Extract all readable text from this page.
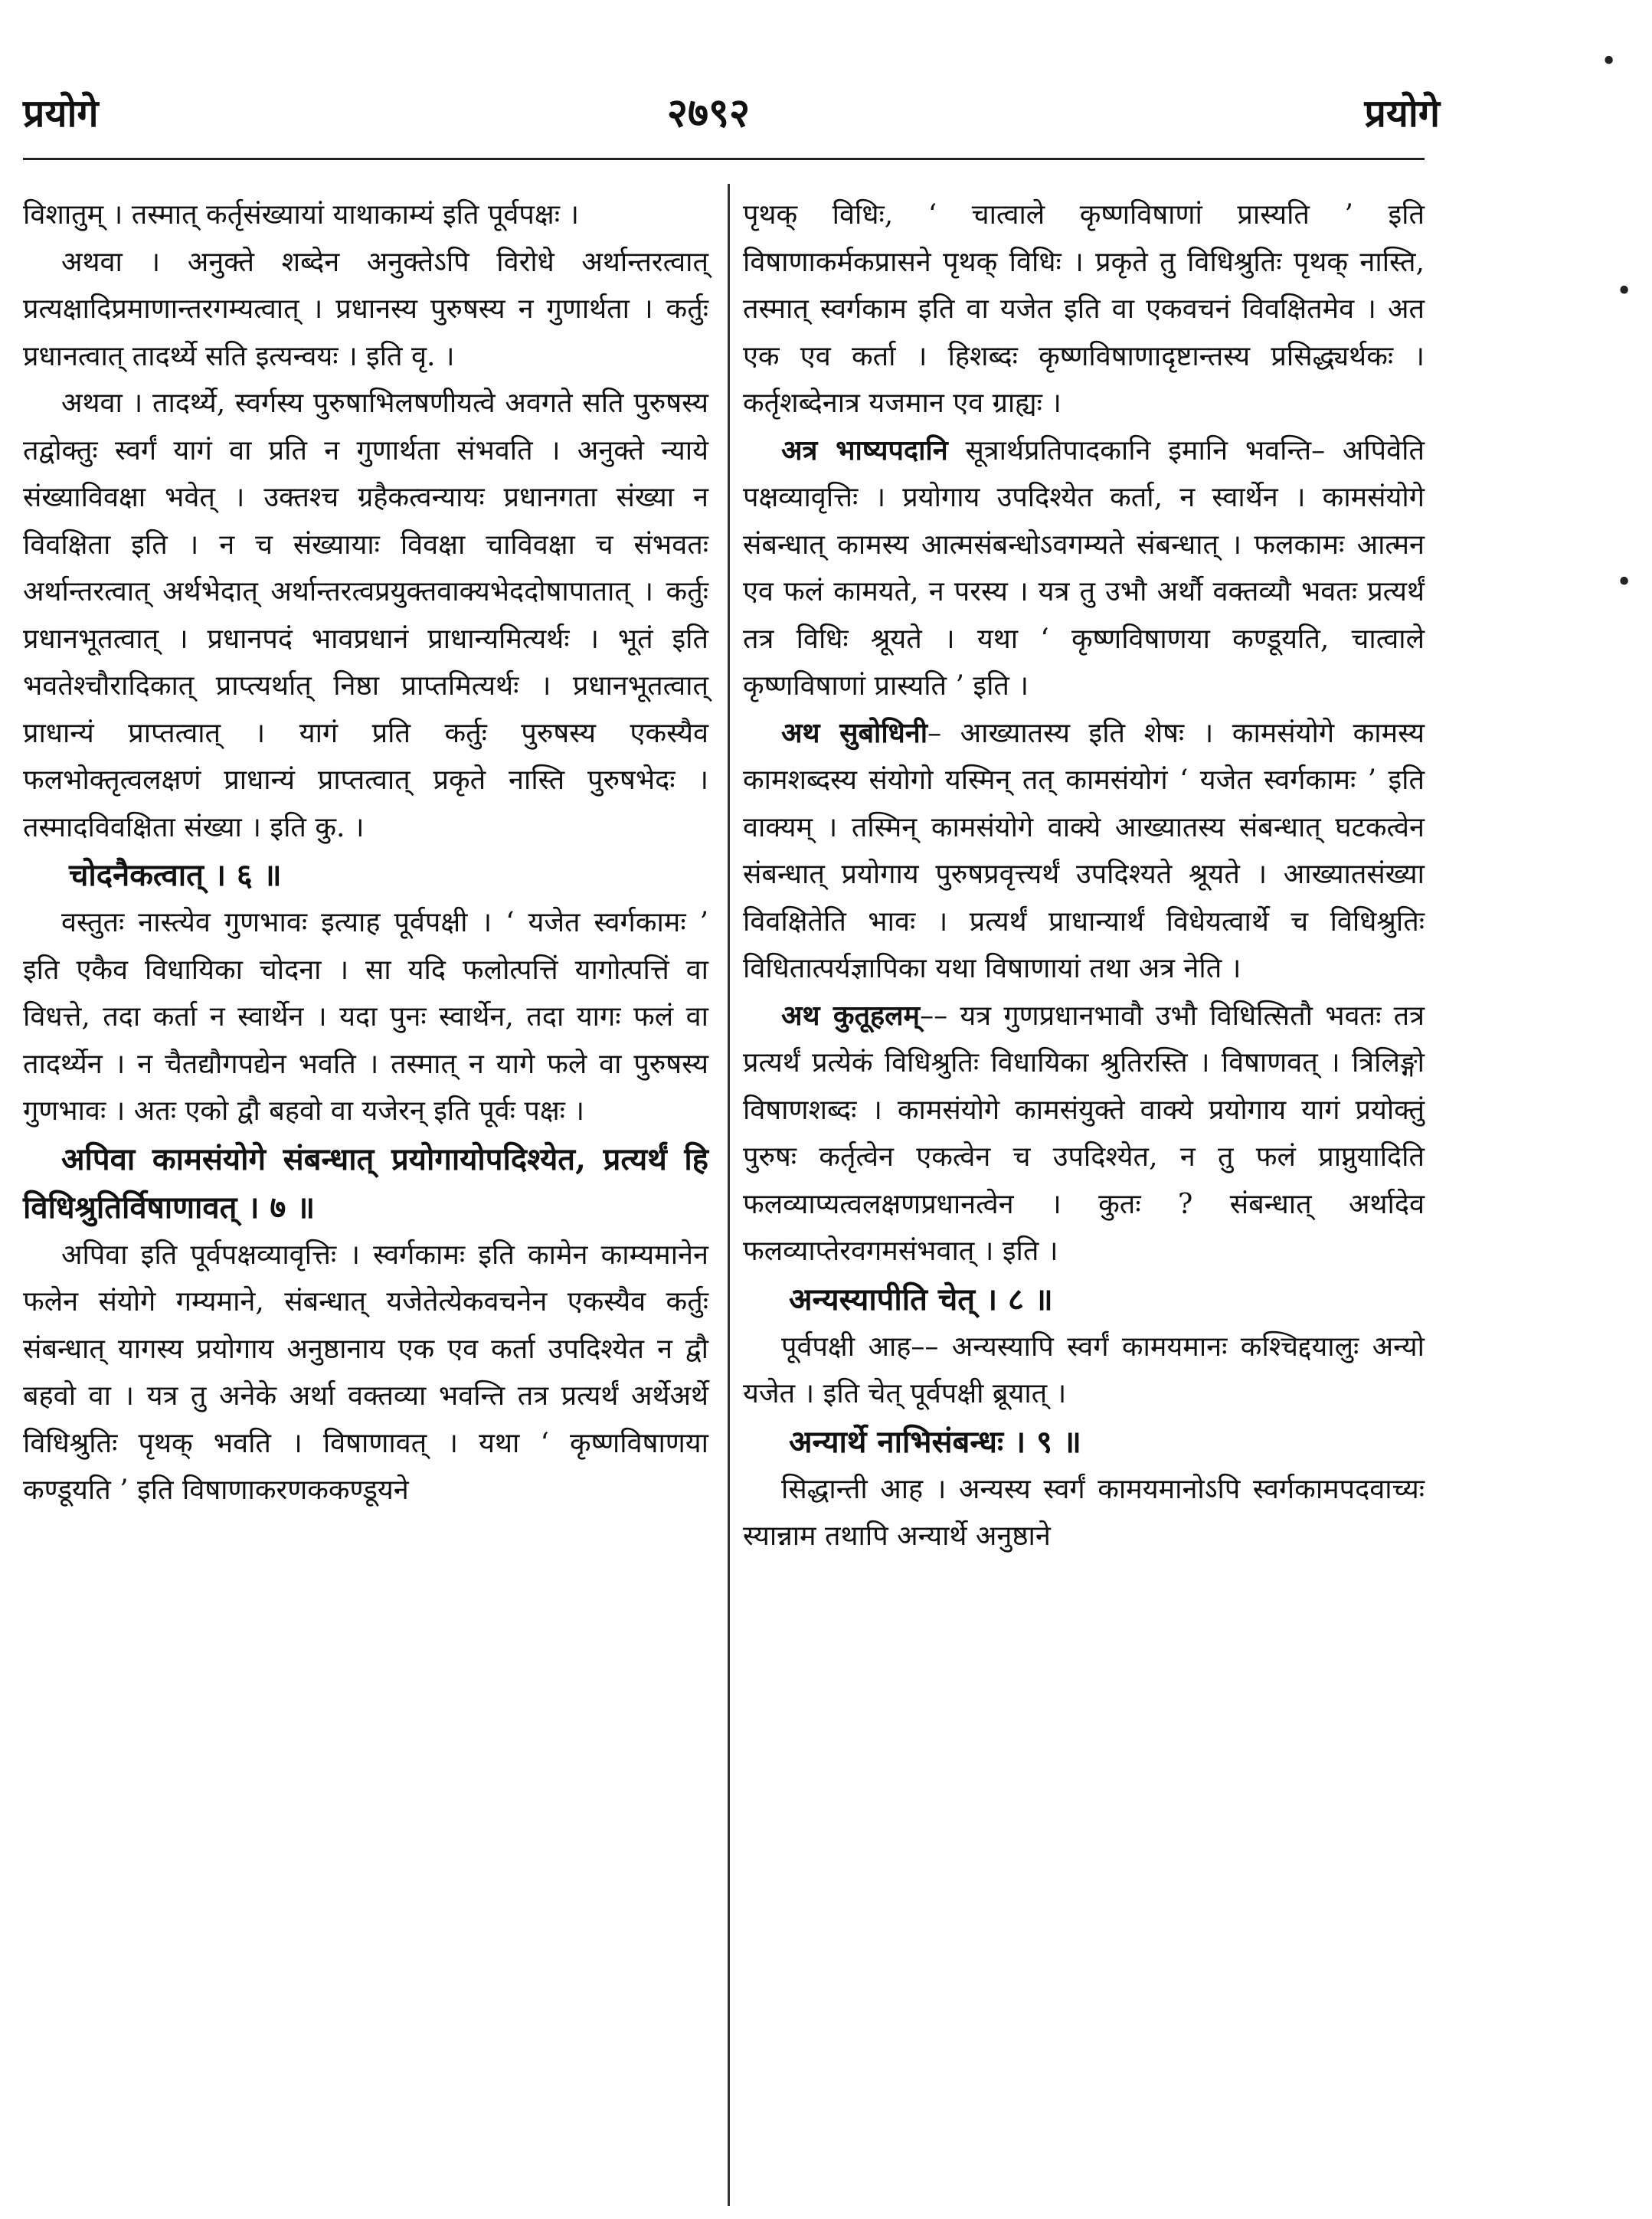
प्रयोगे	२७९२	प्रयोगे

विशातुम् । तस्मात् कर्तृसंख्यायां याथाकाम्यं इति पूर्वपक्षः ।

अथवा । अनुक्ते शब्देन अनुक्तेऽपि विरोधे अर्थान्तरत्वात् प्रत्यक्षादिप्रमाणान्तरगम्यत्वात् । प्रधानस्य पुरुषस्य न गुणार्थता । कर्तुः प्रधानत्वात् तादर्थ्ये सति इत्यन्वयः । इति वृ. ।

अथवा । तादर्थ्ये, स्वर्गस्य पुरुषाभिलषणीयत्वे अवगते सति पुरुषस्य तद्वोक्तुः स्वर्गं यागं वा प्रति न गुणार्थता संभवति । अनुक्ते न्याये संख्याविवक्षा भवेत् । उक्तश्च ग्रहैकत्वन्यायः प्रधानगता संख्या न विवक्षिता इति । न च संख्यायाः विवक्षा चाविवक्षा च संभवतः अर्थान्तरत्वात् अर्थभेदात् अर्थान्तरत्वप्रयुक्तवाक्यभेददोषापातात् । कर्तुः प्रधानभूतत्वात् । प्रधानपदं भावप्रधानं प्राधान्यमित्यर्थः । भूतं इति भवतेश्चौरादिकात् प्राप्त्यर्थात् निष्ठा प्राप्तमित्यर्थः । प्रधानभूतत्वात् प्राधान्यं प्राप्तत्वात् । यागं प्रति कर्तुः पुरुषस्य एकस्यैव फलभोक्तृत्वलक्षणं प्राधान्यं प्राप्तत्वात् प्रकृते नास्ति पुरुषभेदः । तस्मादविवक्षिता संख्या । इति कु. ।

चोदनैकत्वात् । ६ ॥

वस्तुतः नास्त्येव गुणभावः इत्याह पूर्वपक्षी । ‘ यजेत स्वर्गकामः ’ इति एकैव विधायिका चोदना । सा यदि फलोत्पत्तिं यागोत्पत्तिं वा विधत्ते, तदा कर्ता न स्वार्थेन । यदा पुनः स्वार्थेन, तदा यागः फलं वा तादर्थ्येन । न चैतद्यौगपद्येन भवति । तस्मात् न यागे फले वा पुरुषस्य गुणभावः । अतः एको द्वौ बहवो वा यजेरन् इति पूर्वः पक्षः ।

अपिवा कामसंयोगे संबन्धात् प्रयोगायोपदिश्येत, प्रत्यर्थं हि विधिश्रुतिर्विषाणावत् । ७ ॥

अपिवा इति पूर्वपक्षव्यावृत्तिः । स्वर्गकामः इति कामेन काम्यमानेन फलेन संयोगे गम्यमाने, संबन्धात् यजेतेत्येकवचनेन एकस्यैव कर्तुः संबन्धात् यागस्य प्रयोगाय अनुष्ठानाय एक एव कर्ता उपदिश्येत न द्वौ बहवो वा । यत्र तु अनेके अर्था वक्तव्या भवन्ति तत्र प्रत्यर्थं अर्थेअर्थे विधिश्रुतिः पृथक् भवति । विषाणावत् । यथा ‘ कृष्णविषाणया कण्डूयति ’ इति विषाणाकरणककण्डूयने

पृथक् विधिः, ‘ चात्वाले कृष्णविषाणां प्रास्यति ’ इति विषाणाकर्मकप्रासने पृथक् विधिः । प्रकृते तु विधिश्रुतिः पृथक् नास्ति, तस्मात् स्वर्गकाम इति वा यजेत इति वा एकवचनं विवक्षितमेव । अत एक एव कर्ता । हिशब्दः कृष्णविषाणादृष्टान्तस्य प्रसिद्ध्यर्थकः । कर्तृशब्देनात्र यजमान एव ग्राह्यः ।

अत्र भाष्यपदानि सूत्रार्थप्रतिपादकानि इमानि भवन्ति– अपिवेति पक्षव्यावृत्तिः । प्रयोगाय उपदिश्येत कर्ता, न स्वार्थेन । कामसंयोगे संबन्धात् कामस्य आत्मसंबन्धोऽवगम्यते संबन्धात् । फलकामः आत्मन एव फलं कामयते, न परस्य । यत्र तु उभौ अर्थौ वक्तव्यौ भवतः प्रत्यर्थं तत्र विधिः श्रूयते । यथा ‘ कृष्णविषाणया कण्डूयति, चात्वाले कृष्णविषाणां प्रास्यति ’ इति ।

अथ सुबोधिनी– आख्यातस्य इति शेषः । कामसंयोगे कामस्य कामशब्दस्य संयोगो यस्मिन् तत् कामसंयोगं ‘ यजेत स्वर्गकामः ’ इति वाक्यम् । तस्मिन् कामसंयोगे वाक्ये आख्यातस्य संबन्धात् घटकत्वेन संबन्धात् प्रयोगाय पुरुषप्रवृत्त्यर्थं उपदिश्यते श्रूयते । आख्यातसंख्या विवक्षितेति भावः । प्रत्यर्थं प्राधान्यार्थं विधेयत्वार्थे च विधिश्रुतिः विधितात्पर्यज्ञापिका यथा विषाणायां तथा अत्र नेति ।

अथ कुतूहलम्–– यत्र गुणप्रधानभावौ उभौ विधित्सितौ भवतः तत्र प्रत्यर्थं प्रत्येकं विधिश्रुतिः विधायिका श्रुतिरस्ति । विषाणवत् । त्रिलिङ्गो विषाणशब्दः । कामसंयोगे कामसंयुक्ते वाक्ये प्रयोगाय यागं प्रयोक्तुं पुरुषः कर्तृत्वेन एकत्वेन च उपदिश्येत, न तु फलं प्राप्नुयादिति फलव्याप्यत्वलक्षणप्रधानत्वेन । कुतः ? संबन्धात् अर्थादेव फलव्याप्तेरवगमसंभवात् । इति ।

अन्यस्यापीति चेत् । ८ ॥

पूर्वपक्षी आह–– अन्यस्यापि स्वर्गं कामयमानः कश्चिद्दयालुः अन्यो यजेत । इति चेत् पूर्वपक्षी ब्रूयात् ।

अन्यार्थे नाभिसंबन्धः । ९ ॥

सिद्धान्ती आह । अन्यस्य स्वर्गं कामयमानोऽपि स्वर्गकामपदवाच्यः स्यान्नाम तथापि अन्यार्थे अनुष्ठाने

•
•
•
